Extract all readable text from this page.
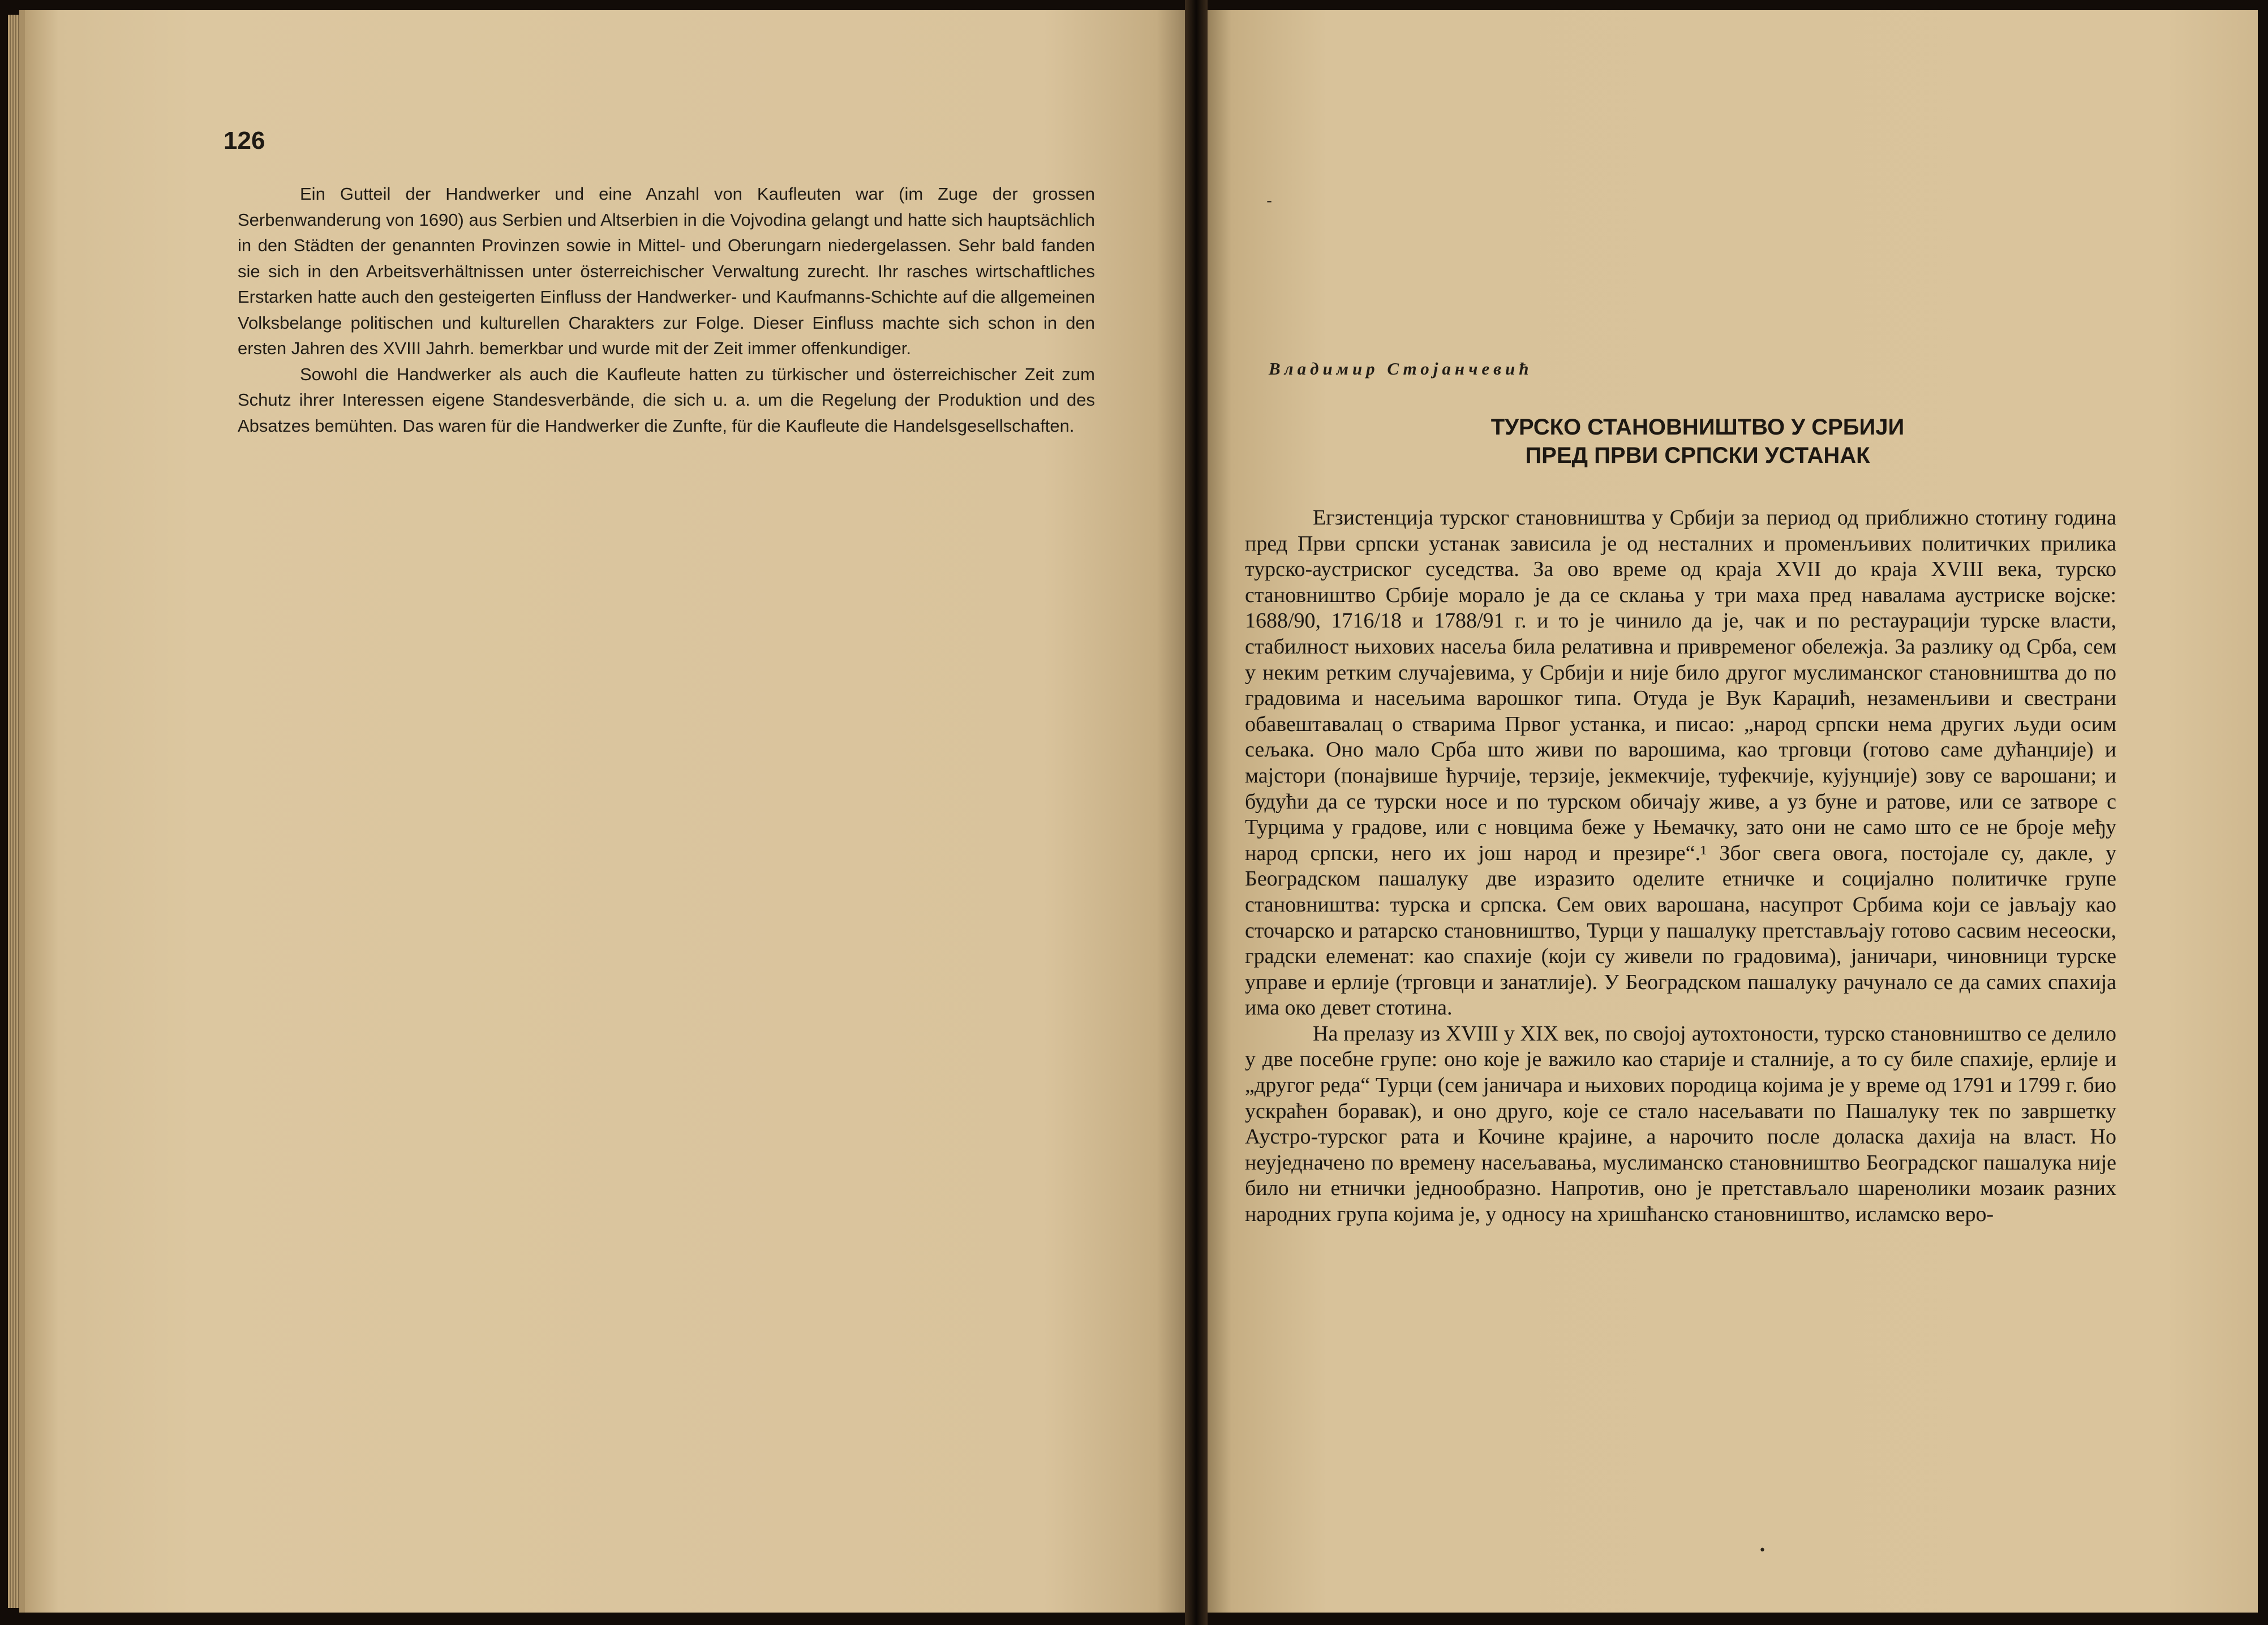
126

Ein Gutteil der Handwerker und eine Anzahl von Kaufleuten war (im Zuge der grossen Serbenwanderung von 1690) aus Serbien und Altserbien in die Vojvodina gelangt und hatte sich hauptsächlich in den Städten der genannten Provinzen sowie in Mittel- und Oberungarn niedergelassen. Sehr bald fanden sie sich in den Arbeitsverhältnissen unter österreichischer Verwaltung zurecht. Ihr rasches wirtschaftliches Erstarken hatte auch den gesteigerten Einfluss der Handwerker- und Kaufmanns-Schichte auf die allgemeinen Volksbelange politischen und kulturellen Charakters zur Folge. Dieser Einfluss machte sich schon in den ersten Jahren des XVIII Jahrh. bemerkbar und wurde mit der Zeit immer offenkundiger.

Sowohl die Handwerker als auch die Kaufleute hatten zu türkischer und österreichischer Zeit zum Schutz ihrer Interessen eigene Standesverbände, die sich u. a. um die Regelung der Produktion und des Absatzes bemühten. Das waren für die Handwerker die Zunfte, für die Kaufleute die Handelsgesellschaften.

Владимир Стојанчевић
ТУРСКО СТАНОВНИШТВО У СРБИЈИ
ПРЕД ПРВИ СРПСКИ УСТАНАК

Егзистенција турског становништва у Србији за период од приближно стотину година пред Први српски устанак зависила је од несталних и променљивих политичких прилика турско-аустриског суседства. За ово време од краја XVII до краја XVIII века, турско становништво Србије морало је да се склања у три маха пред навалама аустриске војске: 1688/90, 1716/18 и 1788/91 г. и то је чинило да је, чак и по рестаурацији турске власти, стабилност њихових насеља била релативна и привременог обележја. За разлику од Срба, сем у неким ретким случајевима, у Србији и није било другог муслиманског становништва до по градовима и насељима варошког типа. Отуда је Вук Караџић, незаменљиви и свестрани обавештавалац о стварима Првог устанка, и писао: „народ српски нема других људи осим сељака. Оно мало Срба што живи по варошима, као трговци (готово саме дућанџије) и мајстори (понајвише ћурчије, терзије, јекмекчије, туфекчије, кујунџије) зову се варошани; и будући да се турски носе и по турском обичају живе, а уз буне и ратове, или се затворе с Турцима у градове, или с новцима беже у Њемачку, зато они не само што се не броје међу народ српски, него их још народ и презире“.¹ Због свега овога, постојале су, дакле, у Београдском пашалуку две изразито оделите етничке и социјално политичке групе становништва: турска и српска. Сем ових варошана, насупрот Србима који се јављају као сточарско и ратарско становништво, Турци у пашалуку претстављају готово сасвим несеоски, градски елеменат: као спахије (који су живели по градовима), јаничари, чиновници турске управе и ерлије (трговци и занатлије). У Београдском пашалуку рачунало се да самих спахија има око девет стотина.

На прелазу из XVIII у XIX век, по својој аутохтоности, турско становништво се делило у две посебне групе: оно које је важило као старије и сталније, а то су биле спахије, ерлије и „другог реда“ Турци (сем јаничара и њихових породица којима је у време од 1791 и 1799 г. био ускраћен боравак), и оно друго, које се стало насељавати по Пашалуку тек по завршетку Аустро-турског рата и Кочине крајине, а нарочито после доласка дахија на власт. Но неуједначено по времену насељавања, муслиманско становништво Београдског пашалука није било ни етнички једнообразно. Напротив, оно је претстављало шаренолики мозаик разних народних група којима је, у односу на хришћанско становништво, исламско веро-

-
•
